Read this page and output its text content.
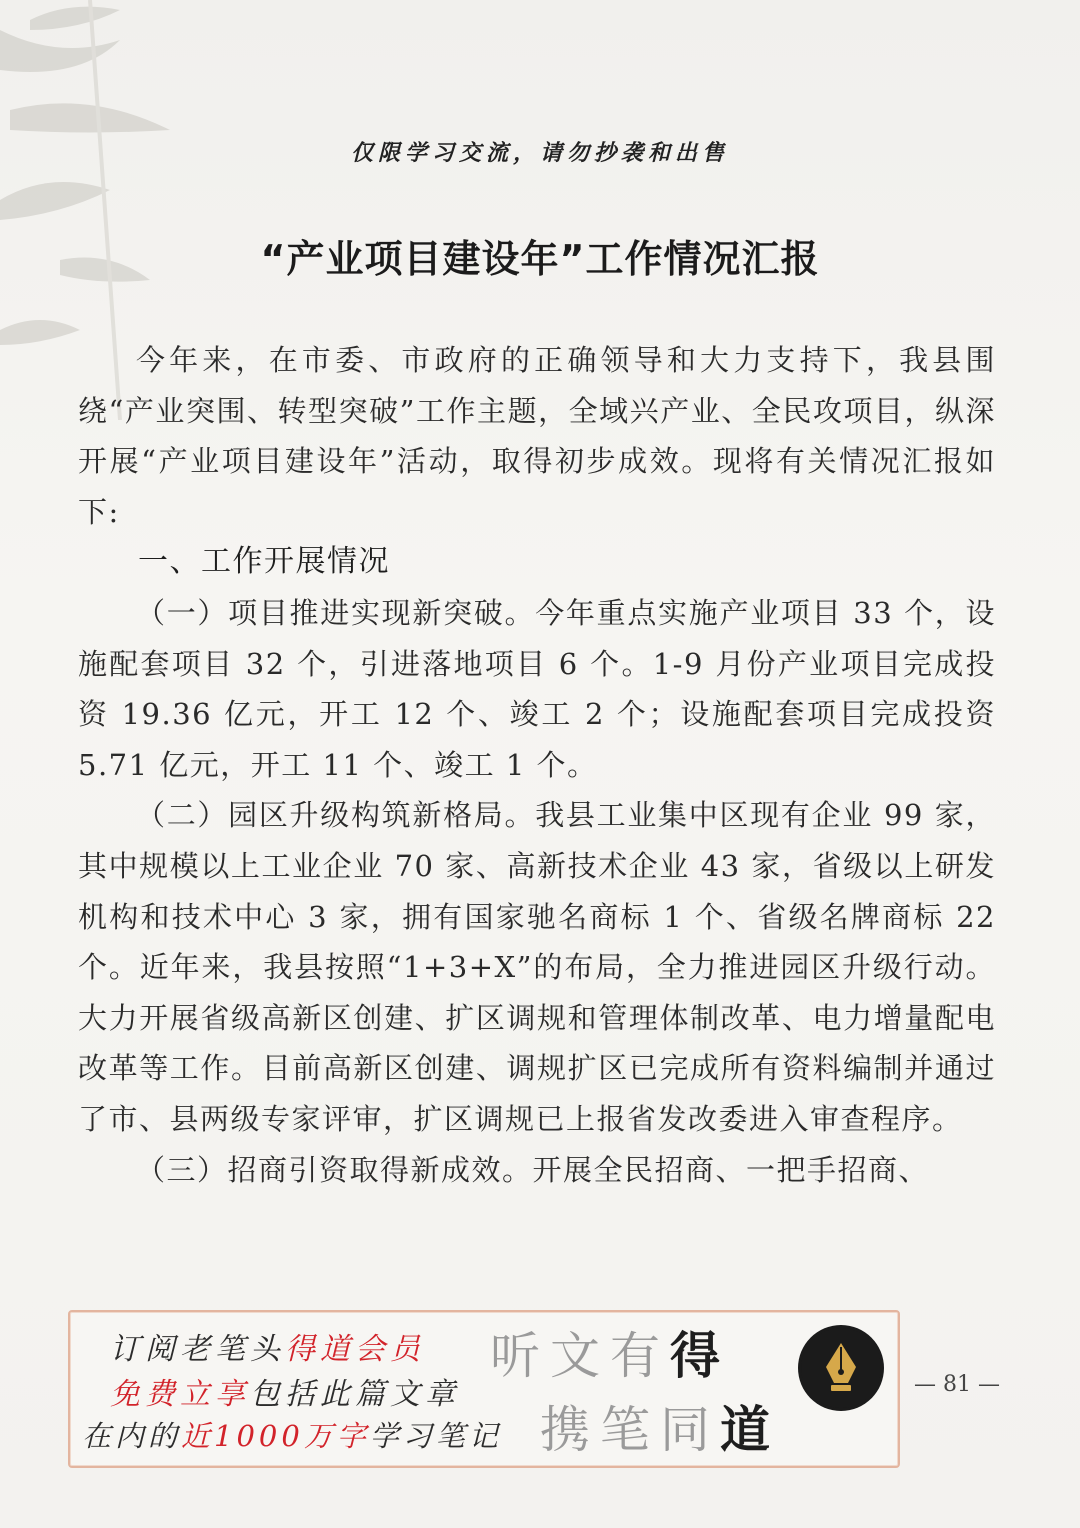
仅限学习交流，请勿抄袭和出售
“产业项目建设年”工作情况汇报

今年来，在市委、市政府的正确领导和大力支持下，我县围绕“产业突围、转型突破”工作主题，全域兴产业、全民攻项目，纵深开展“产业项目建设年”活动，取得初步成效。现将有关情况汇报如下:

一、工作开展情况

（一）项目推进实现新突破。今年重点实施产业项目 33 个，设施配套项目 32 个，引进落地项目 6 个。1-9 月份产业项目完成投资 19.36 亿元，开工 12 个、竣工 2 个；设施配套项目完成投资 5.71 亿元，开工 11 个、竣工 1 个。

（二）园区升级构筑新格局。我县工业集中区现有企业 99 家，其中规模以上工业企业 70 家、高新技术企业 43 家，省级以上研发机构和技术中心 3 家，拥有国家驰名商标 1 个、省级名牌商标 22 个。近年来，我县按照“1+3+X”的布局，全力推进园区升级行动。大力开展省级高新区创建、扩区调规和管理体制改革、电力增量配电改革等工作。目前高新区创建、调规扩区已完成所有资料编制并通过了市、县两级专家评审，扩区调规已上报省发改委进入审查程序。

（三）招商引资取得新成效。开展全民招商、一把手招商、

订阅老笔头得道会员
免费立享包括此篇文章
在内的近1000万字学习笔记
听文有得
携笔同道
— 81 —
